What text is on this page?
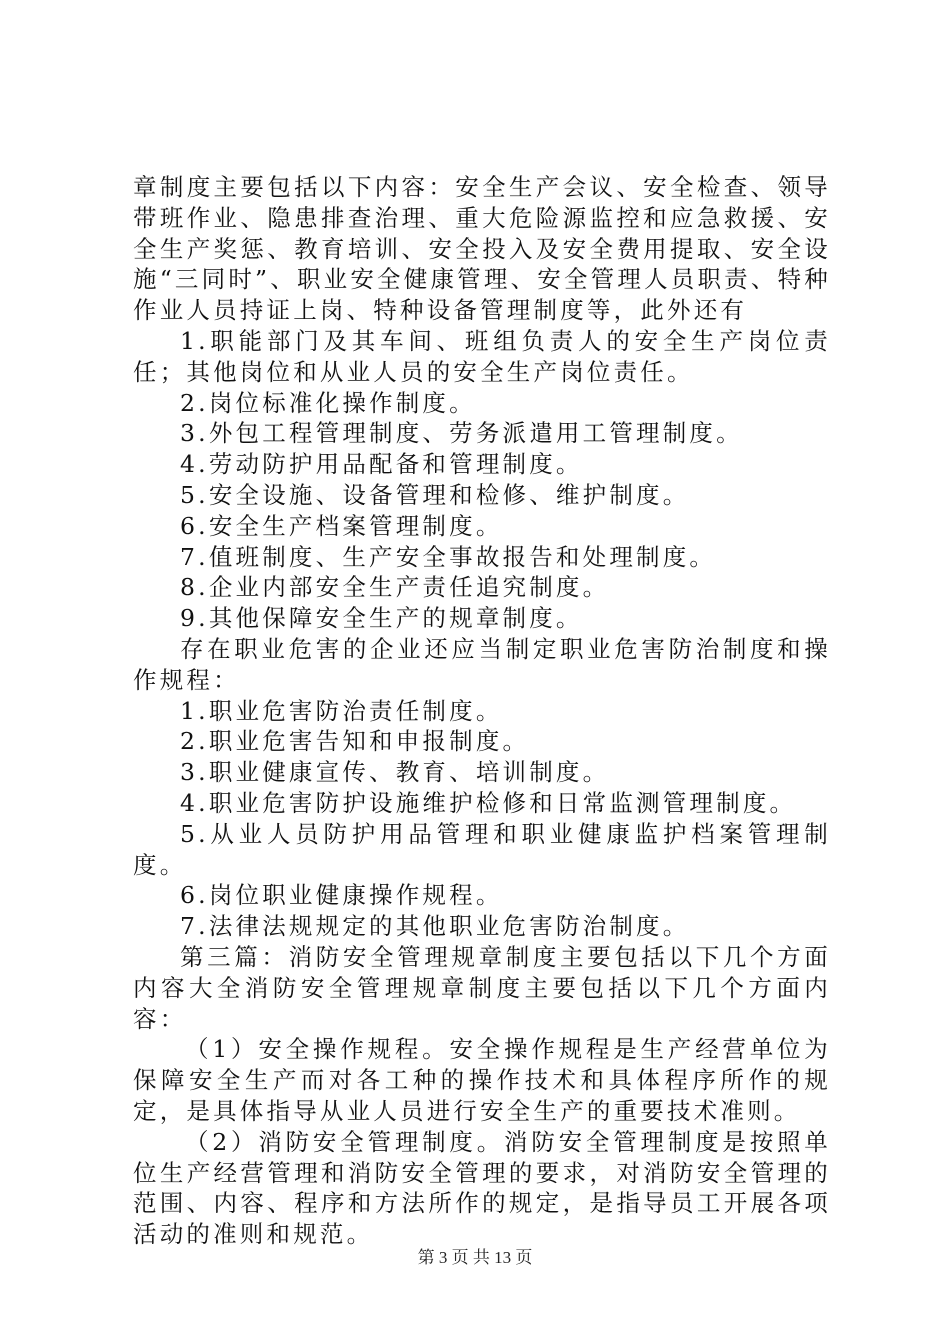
章制度主要包括以下内容：安全生产会议、安全检查、领导带班作业、隐患排查治理、重大危险源监控和应急救援、安全生产奖惩、教育培训、安全投入及安全费用提取、安全设施“三同时”、职业安全健康管理、安全管理人员职责、特种作业人员持证上岗、特种设备管理制度等，此外还有

1.职能部门及其车间、班组负责人的安全生产岗位责任；其他岗位和从业人员的安全生产岗位责任。

2.岗位标准化操作制度。

3.外包工程管理制度、劳务派遣用工管理制度。

4.劳动防护用品配备和管理制度。

5.安全设施、设备管理和检修、维护制度。

6.安全生产档案管理制度。

7.值班制度、生产安全事故报告和处理制度。

8.企业内部安全生产责任追究制度。

9.其他保障安全生产的规章制度。

存在职业危害的企业还应当制定职业危害防治制度和操作规程：

1.职业危害防治责任制度。

2.职业危害告知和申报制度。

3.职业健康宣传、教育、培训制度。

4.职业危害防护设施维护检修和日常监测管理制度。

5.从业人员防护用品管理和职业健康监护档案管理制度。

6.岗位职业健康操作规程。

7.法律法规规定的其他职业危害防治制度。

第三篇：消防安全管理规章制度主要包括以下几个方面内容大全消防安全管理规章制度主要包括以下几个方面内容：

（1）安全操作规程。安全操作规程是生产经营单位为保障安全生产而对各工种的操作技术和具体程序所作的规定，是具体指导从业人员进行安全生产的重要技术准则。

（2）消防安全管理制度。消防安全管理制度是按照单位生产经营管理和消防安全管理的要求，对消防安全管理的范围、内容、程序和方法所作的规定，是指导员工开展各项活动的准则和规范。

第 3 页 共 13 页
